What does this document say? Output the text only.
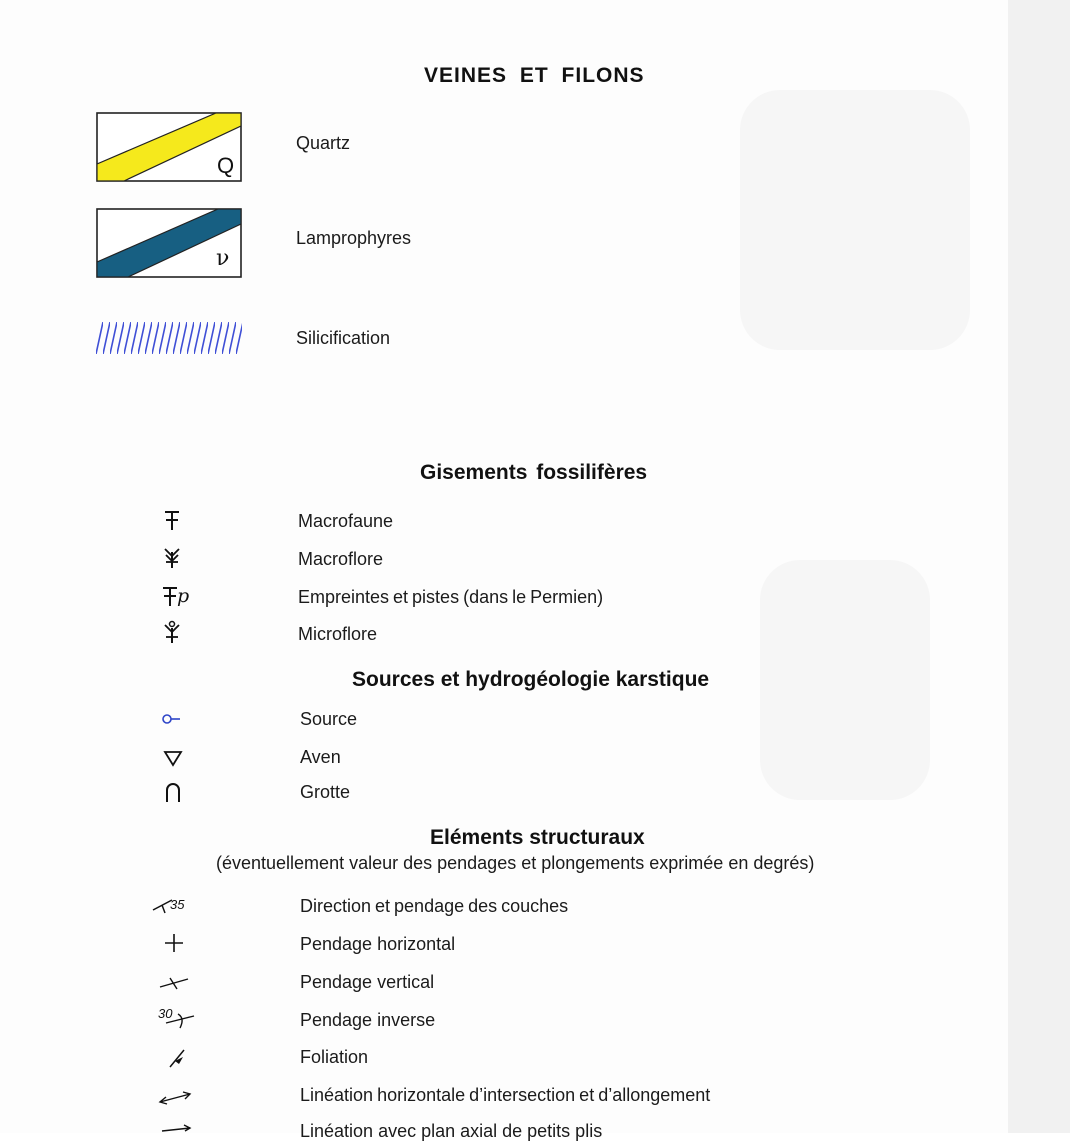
VEINES ET FILONS
Q
Quartz
ν
Lamprophyres
Silicification
Gisements fossilifères
Macrofaune
Macroflore
p	Empreintes et pistes (dans le Permien)
Microflore
Sources et hydrogéologie karstique
Source
Aven
Grotte
Eléments structuraux
(éventuellement valeur des pendages et plongements exprimée en degrés)
35	Direction et pendage des couches
Pendage horizontal
Pendage vertical
30	Pendage inverse
Foliation
Linéation horizontale d’intersection et d’allongement
Linéation avec plan axial de petits plis
